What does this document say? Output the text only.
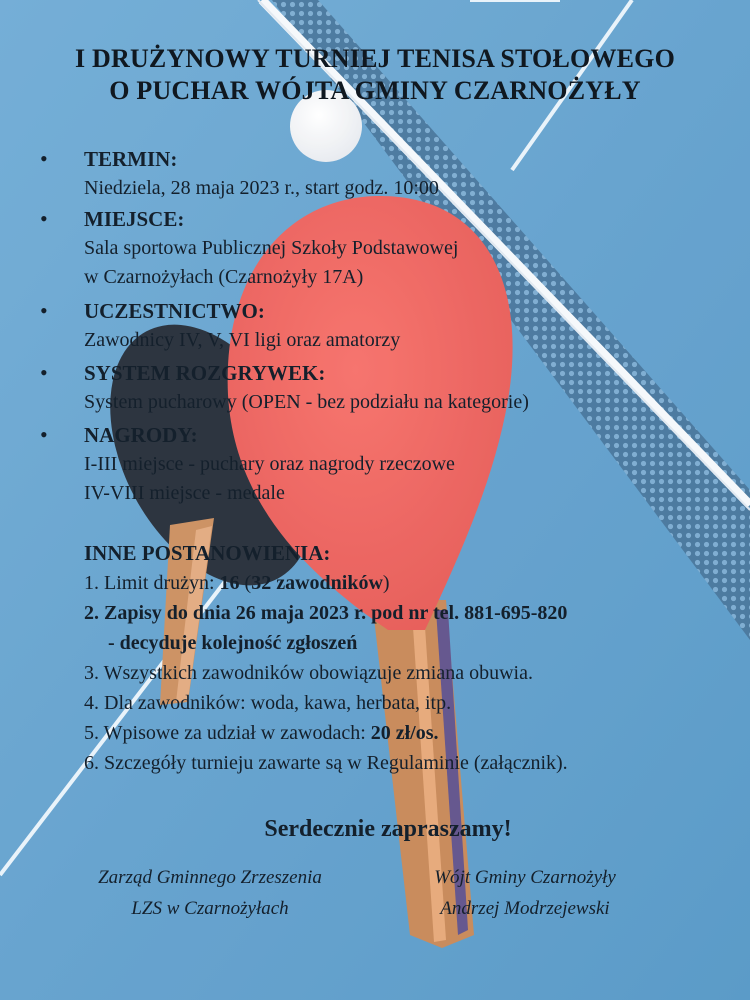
I DRUŻYNOWY TURNIEJ TENISA STOŁOWEGO
O PUCHAR WÓJTA GMINY CZARNOŻYŁY
• TERMIN:
Niedziela, 28 maja 2023 r., start godz. 10:00
• MIEJSCE:
Sala sportowa Publicznej Szkoły Podstawowej
w Czarnożyłach (Czarnożyły 17A)
• UCZESTNICTWO:
Zawodnicy IV, V, VI ligi oraz amatorzy
• SYSTEM ROZGRYWEK:
System pucharowy (OPEN - bez podziału na kategorie)
• NAGRODY:
I-III miejsce - puchary oraz nagrody rzeczowe
IV-VIII miejsce - medale
INNE POSTANOWIENIA:
1. Limit drużyn: 16 (32 zawodników)
2. Zapisy do dnia 26 maja 2023 r. pod nr tel. 881-695-820
- decyduje kolejność zgłoszeń
3. Wszystkich zawodników obowiązuje zmiana obuwia.
4. Dla zawodników: woda, kawa, herbata, itp.
5. Wpisowe za udział w zawodach: 20 zł/os.
6. Szczegóły turnieju zawarte są w Regulaminie (załącznik).
Serdecznie zapraszamy!
Zarząd Gminnego Zrzeszenia
LZS w Czarnożyłach
Wójt Gminy Czarnożyły
Andrzej Modrzejewski
